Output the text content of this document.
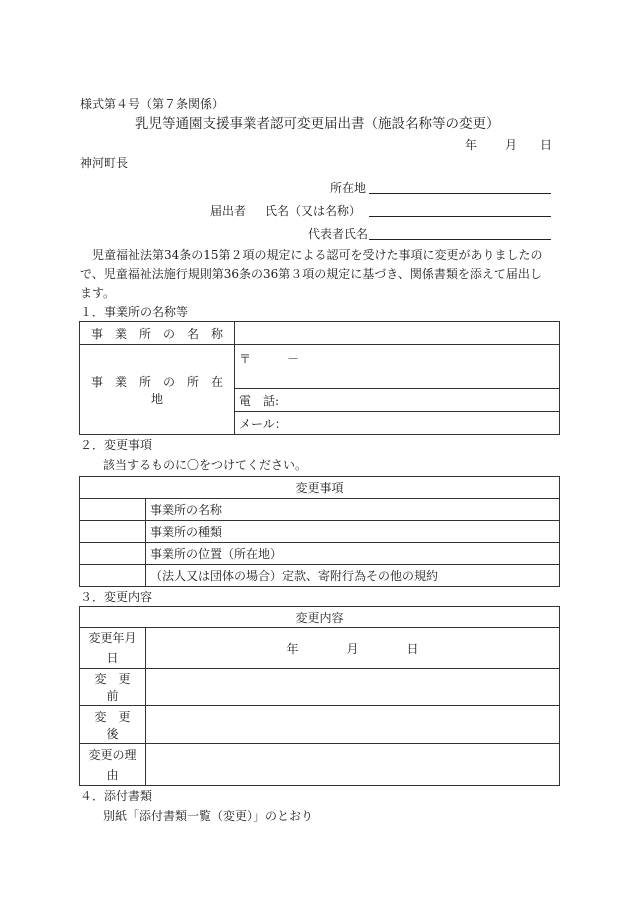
様式第４号（第７条関係）
乳児等通園支援事業者認可変更届出書（施設名称等の変更）
年 月 日
神河町長
所在地
届出者 氏名（又は名称）
代表者氏名
　児童福祉法第34条の15第２項の規定による認可を受けた事項に変更がありましたの
で、児童福祉法施行規則第36条の36第３項の規定に基づき、関係書類を添えて届出し
ます。
１．事業所の名称等
事　業　所　の　名　称	
事　業　所　の　所　在　地	〒　　　－
	電　話:
	メール：
２．変更事項
該当するものに〇をつけてください。
変更事項	
	事業所の名称
	事業所の種類
	事業所の位置（所在地）
	（法人又は団体の場合）定款、寄附行為その他の規約
３．変更内容
変更内容	

変更年月
日	年　　　　月　　　　日
変　更　前	
変　更　後	

変更の理
由	

４．添付書類
別紙「添付書類一覧（変更）」のとおり
